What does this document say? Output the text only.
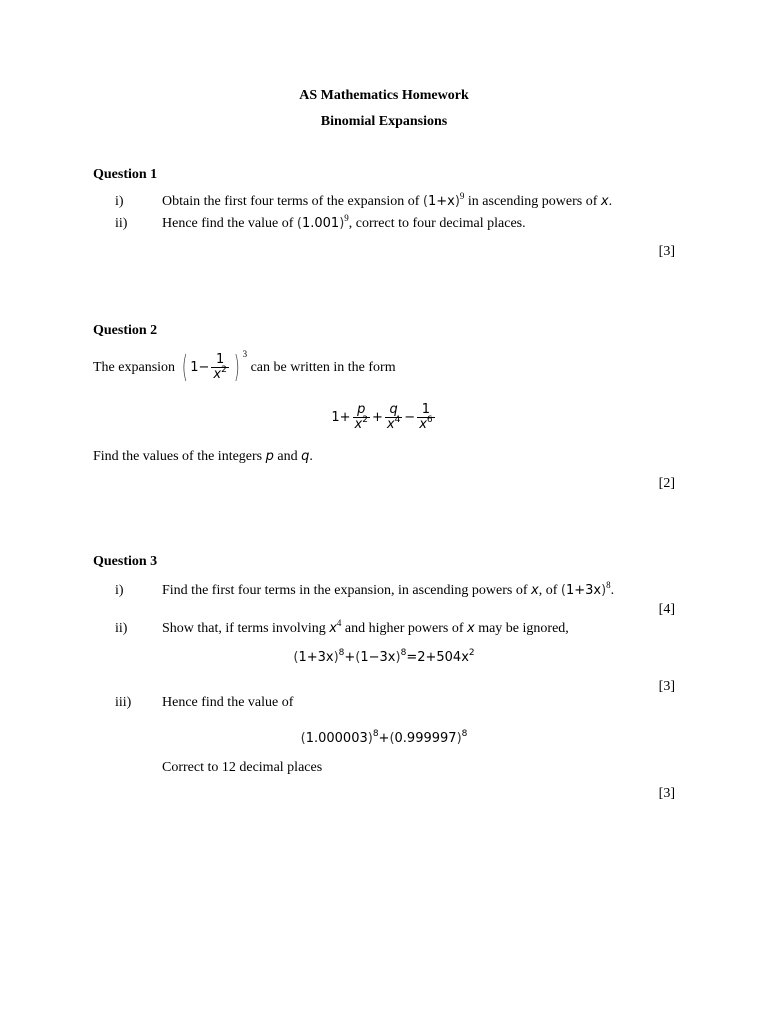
AS Mathematics Homework
Binomial Expansions
Question 1
i)	Obtain the first four terms of the expansion of $(1+x)^9$ in ascending powers of x.
ii) Hence find the value of $(1.001)^9$, correct to four decimal places.
[3]
Question 2
The expansion ( $1- \frac{1}{x^2}$ ) $^3$ can be written in the form
$1+ \frac{p}{x^2} + \frac{q}{x^4} - \frac{1}{x^6}$
Find the values of the integers p and q.
[2]
Question 3
i)	Find the first four terms in the expansion, in ascending powers of x, of $(1+3x)^8$.
[4]
ii) Show that, if terms involving $x^4$ and higher powers of x may be ignored,
$(1+3x)^8+(1-3x)^8=2+504x^2$
[3]
iii) Hence find the value of
$(1.000003)^8+(0.999997)^8$
Correct to 12 decimal places
[3]
